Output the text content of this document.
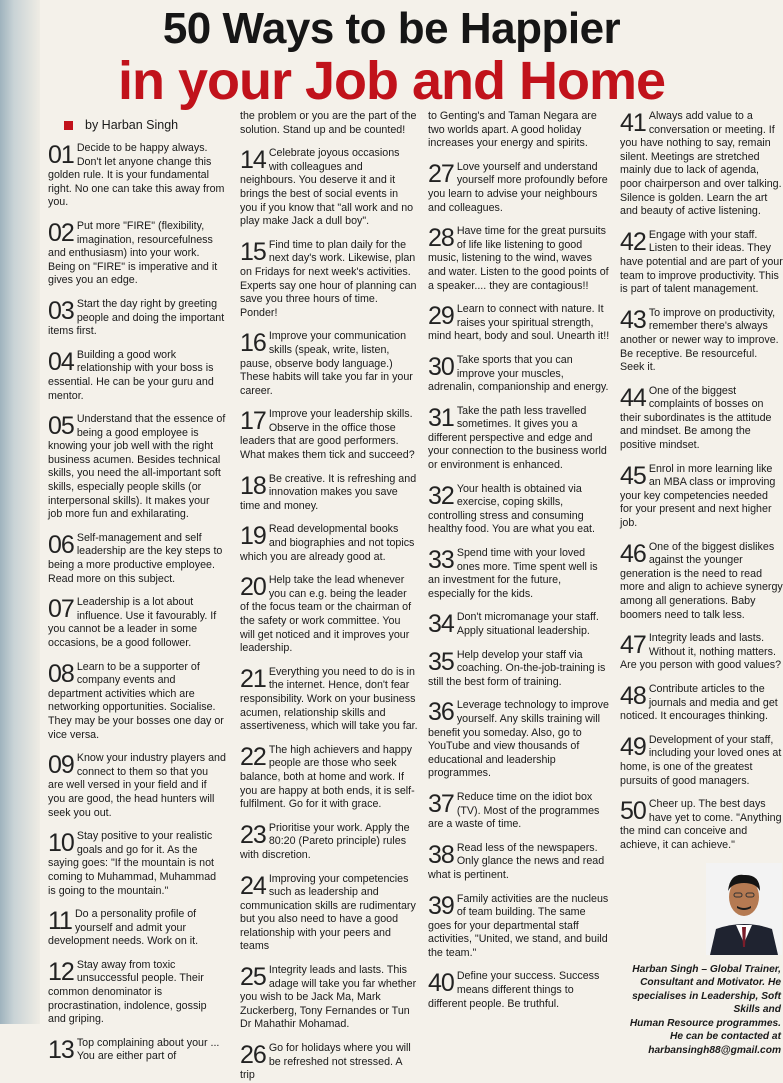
50 Ways to be Happier
in your Job and Home
by Harban Singh
01 Decide to be happy always. Don't let anyone change this golden rule. It is your fundamental right. No one can take this away from you.
02 Put more "FIRE" (flexibility, imagination, resourcefulness and enthusiasm) into your work. Being on "FIRE" is imperative and it gives you an edge.
03 Start the day right by greeting people and doing the important items first.
04 Building a good work relationship with your boss is essential. He can be your guru and mentor.
05 Understand that the essence of being a good employee is knowing your job well with the right business acumen. Besides technical skills, you need the all-important soft skills, especially people skills (or interpersonal skills). It makes your job more fun and exhilarating.
06 Self-management and self leadership are the key steps to being a more productive employee. Read more on this subject.
07 Leadership is a lot about influence. Use it favourably. If you cannot be a leader in some occasions, be a good follower.
08 Learn to be a supporter of company events and department activities which are networking opportunities. Socialise. They may be your bosses one day or vice versa.
09 Know your industry players and connect to them so that you are well versed in your field and if you are good, the head hunters will seek you out.
10 Stay positive to your realistic goals and go for it. As the saying goes: "If the mountain is not coming to Muhammad, Muhammad is going to the mountain."
11 Do a personality profile of yourself and admit your development needs. Work on it.
12 Stay away from toxic unsuccessful people. Their common denominator is procrastination, indolence, gossip and griping.
13 Top complaining about your ... You are either part of
the problem or you are the part of the solution. Stand up and be counted!
14 Celebrate joyous occasions with colleagues and neighbours. You deserve it and it brings the best of social events in you if you know that "all work and no play make Jack a dull boy".
15 Find time to plan daily for the next day's work. Likewise, plan on Fridays for next week's activities. Experts say one hour of planning can save you three hours of time. Ponder!
16 Improve your communication skills (speak, write, listen, pause, observe body language.) These habits will take you far in your career.
17 Improve your leadership skills. Observe in the office those leaders that are good performers. What makes them tick and succeed?
18 Be creative. It is refreshing and innovation makes you save time and money.
19 Read developmental books and biographies and not topics which you are already good at.
20 Help take the lead whenever you can e.g. being the leader of the focus team or the chairman of the safety or work committee. You will get noticed and it improves your leadership.
21 Everything you need to do is in the internet. Hence, don't fear responsibility. Work on your business acumen, relationship skills and assertiveness, which will take you far.
22 The high achievers and happy people are those who seek balance, both at home and work. If you are happy at both ends, it is self-fulfilment. Go for it with grace.
23 Prioritise your work. Apply the 80:20 (Pareto principle) rules with discretion.
24 Improving your competencies such as leadership and communication skills are rudimentary but you also need to have a good relationship with your peers and teams
25 Integrity leads and lasts. This adage will take you far whether you wish to be Jack Ma, Mark Zuckerberg, Tony Fernandes or Tun Dr Mahathir Mohamad.
26 Go for holidays where you will be refreshed not stressed. A trip
to Genting's and Taman Negara are two worlds apart. A good holiday increases your energy and spirits.
27 Love yourself and understand yourself more profoundly before you learn to advise your neighbours and colleagues.
28 Have time for the great pursuits of life like listening to good music, listening to the wind, waves and water. Listen to the good points of a speaker.... they are contagious!!
29 Learn to connect with nature. It raises your spiritual strength, mind heart, body and soul. Unearth it!!
30 Take sports that you can improve your muscles, adrenalin, companionship and energy.
31 Take the path less travelled sometimes. It gives you a different perspective and edge and your connection to the business world or environment is enhanced.
32 Your health is obtained via exercise, coping skills, controlling stress and consuming healthy food. You are what you eat.
33 Spend time with your loved ones more. Time spent well is an investment for the future, especially for the kids.
34 Don't micromanage your staff. Apply situational leadership.
35 Help develop your staff via coaching. On-the-job-training is still the best form of training.
36 Leverage technology to improve yourself. Any skills training will benefit you someday. Also, go to YouTube and view thousands of educational and leadership programmes.
37 Reduce time on the idiot box (TV). Most of the programmes are a waste of time.
38 Read less of the newspapers. Only glance the news and read what is pertinent.
39 Family activities are the nucleus of team building. The same goes for your departmental staff activities, "United, we stand, and build the team."
40 Define your success. Success means different things to different people. Be truthful.
41 Always add value to a conversation or meeting. If you have nothing to say, remain silent. Meetings are stretched mainly due to lack of agenda, poor chairperson and over talking. Silence is golden. Learn the art and beauty of active listening.
42 Engage with your staff. Listen to their ideas. They have potential and are part of your team to improve productivity. This is part of talent management.
43 To improve on productivity, remember there's always another or newer way to improve. Be receptive. Be resourceful. Seek it.
44 One of the biggest complaints of bosses on their subordinates is the attitude and mindset. Be among the positive mindset.
45 Enrol in more learning like an MBA class or improving your key competencies needed for your present and next higher job.
46 One of the biggest dislikes against the younger generation is the need to read more and align to achieve synergy among all generations. Baby boomers need to talk less.
47 Integrity leads and lasts. Without it, nothing matters. Are you person with good values?
48 Contribute articles to the journals and media and get noticed. It encourages thinking.
49 Development of your staff, including your loved ones at home, is one of the greatest pursuits of good managers.
50 Cheer up. The best days have yet to come. "Anything the mind can conceive and achieve, it can achieve."
Harban Singh – Global Trainer,
Consultant and Motivator. He
specialises in Leadership, Soft Skills and
Human Resource programmes.
He can be contacted at
harbansingh88@gmail.com
